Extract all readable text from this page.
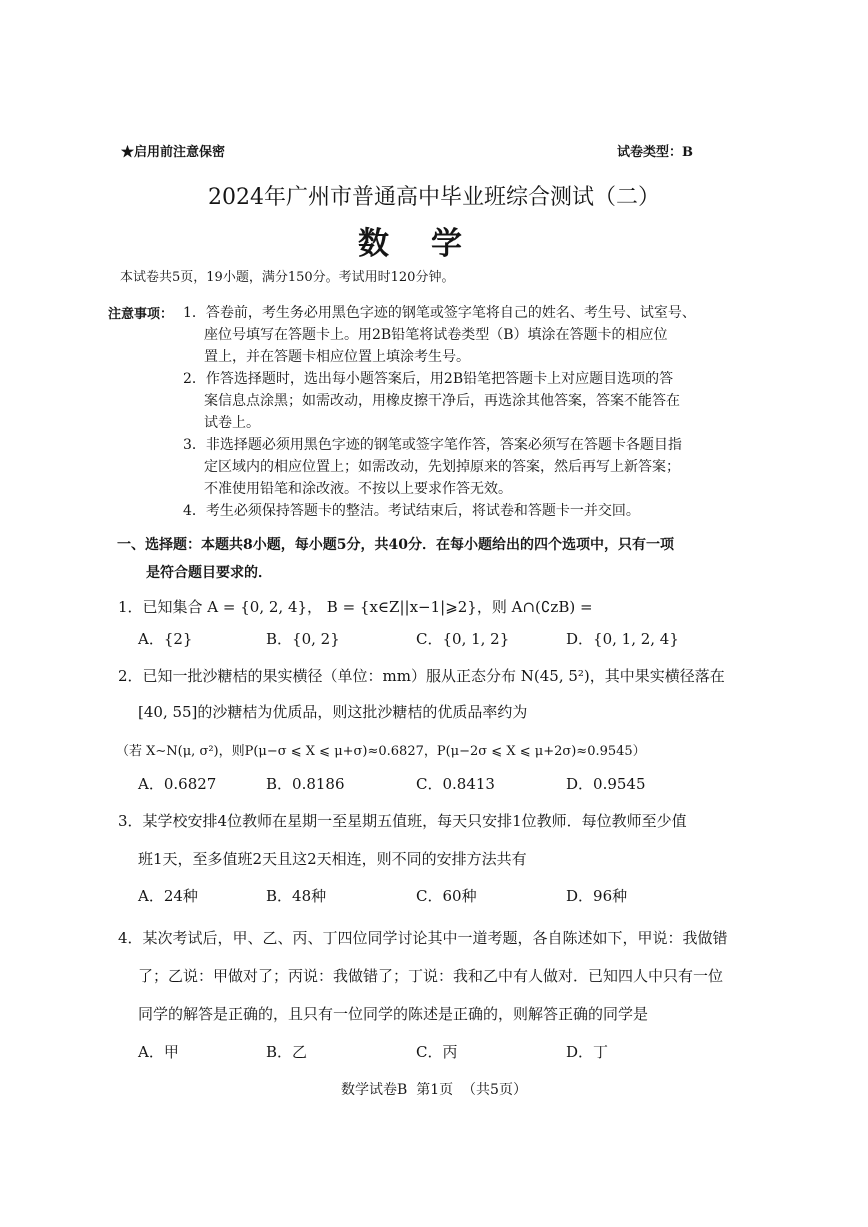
★启用前注意保密	试卷类型：B
2024年广州市普通高中毕业班综合测试（二）
数 学
本试卷共5页，19小题，满分150分。考试用时120分钟。
注意事项： 1．答卷前，考生务必用黑色字迹的钢笔或签字笔将自己的姓名、考生号、试室号、
座位号填写在答题卡上。用2B铅笔将试卷类型（B）填涂在答题卡的相应位
置上，并在答题卡相应位置上填涂考生号。
2．作答选择题时，选出每小题答案后，用2B铅笔把答题卡上对应题目选项的答
案信息点涂黑；如需改动，用橡皮擦干净后，再选涂其他答案，答案不能答在
试卷上。
3．非选择题必须用黑色字迹的钢笔或签字笔作答，答案必须写在答题卡各题目指
定区域内的相应位置上；如需改动，先划掉原来的答案，然后再写上新答案；
不准使用铅笔和涂改液。不按以上要求作答无效。
4．考生必须保持答题卡的整洁。考试结束后，将试卷和答题卡一并交回。
一、选择题：本题共8小题，每小题5分，共40分．在每小题给出的四个选项中，只有一项
是符合题目要求的．
1．已知集合 A = {0, 2, 4}， B = {x∈Z||x−1|⩾2}，则 A∩(∁zB) =
A．{2}	B．{0, 2}	C．{0, 1, 2}	D．{0, 1, 2, 4}
2．已知一批沙糖桔的果实横径（单位：mm）服从正态分布 N(45, 5²)，其中果实横径落在
[40, 55]的沙糖桔为优质品，则这批沙糖桔的优质品率约为
（若 X∼N(μ, σ²)，则P(μ−σ ⩽ X ⩽ μ+σ)≈0.6827，P(μ−2σ ⩽ X ⩽ μ+2σ)≈0.9545）
A．0.6827	B．0.8186	C．0.8413	D．0.9545
3．某学校安排4位教师在星期一至星期五值班，每天只安排1位教师．每位教师至少值
班1天，至多值班2天且这2天相连，则不同的安排方法共有
A．24种	B．48种	C．60种	D．96种
4．某次考试后，甲、乙、丙、丁四位同学讨论其中一道考题，各自陈述如下，甲说：我做错
了；乙说：甲做对了；丙说：我做错了；丁说：我和乙中有人做对．已知四人中只有一位
同学的解答是正确的，且只有一位同学的陈述是正确的，则解答正确的同学是
A．甲	B．乙	C．丙	D．丁
数学试卷B  第1页  （共5页）
